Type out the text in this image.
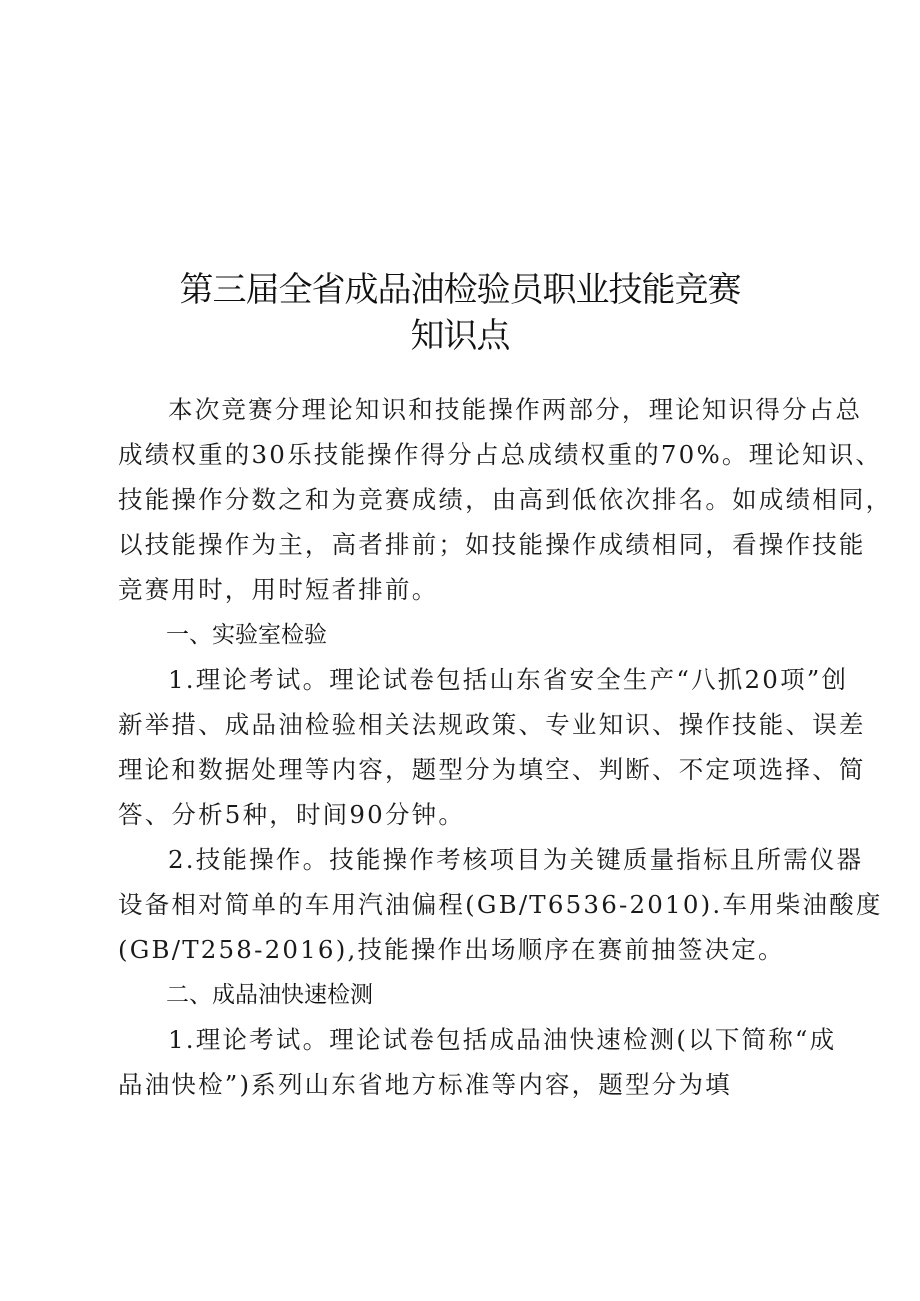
第三届全省成品油检验员职业技能竞赛
知识点
本次竞赛分理论知识和技能操作两部分，理论知识得分占总
成绩权重的30乐技能操作得分占总成绩权重的70%。理论知识、
技能操作分数之和为竞赛成绩，由高到低依次排名。如成绩相同，
以技能操作为主，高者排前；如技能操作成绩相同，看操作技能
竞赛用时，用时短者排前。
一、实验室检验
1.理论考试。理论试卷包括山东省安全生产“八抓20项”创
新举措、成品油检验相关法规政策、专业知识、操作技能、误差
理论和数据处理等内容，题型分为填空、判断、不定项选择、简
答、分析5种，时间90分钟。
2.技能操作。技能操作考核项目为关键质量指标且所需仪器
设备相对简单的车用汽油偏程(GB/T6536-2010).车用柴油酸度
(GB/T258-2016),技能操作出场顺序在赛前抽签决定。
二、成品油快速检测
1.理论考试。理论试卷包括成品油快速检测(以下简称“成
品油快检”)系列山东省地方标准等内容，题型分为填
